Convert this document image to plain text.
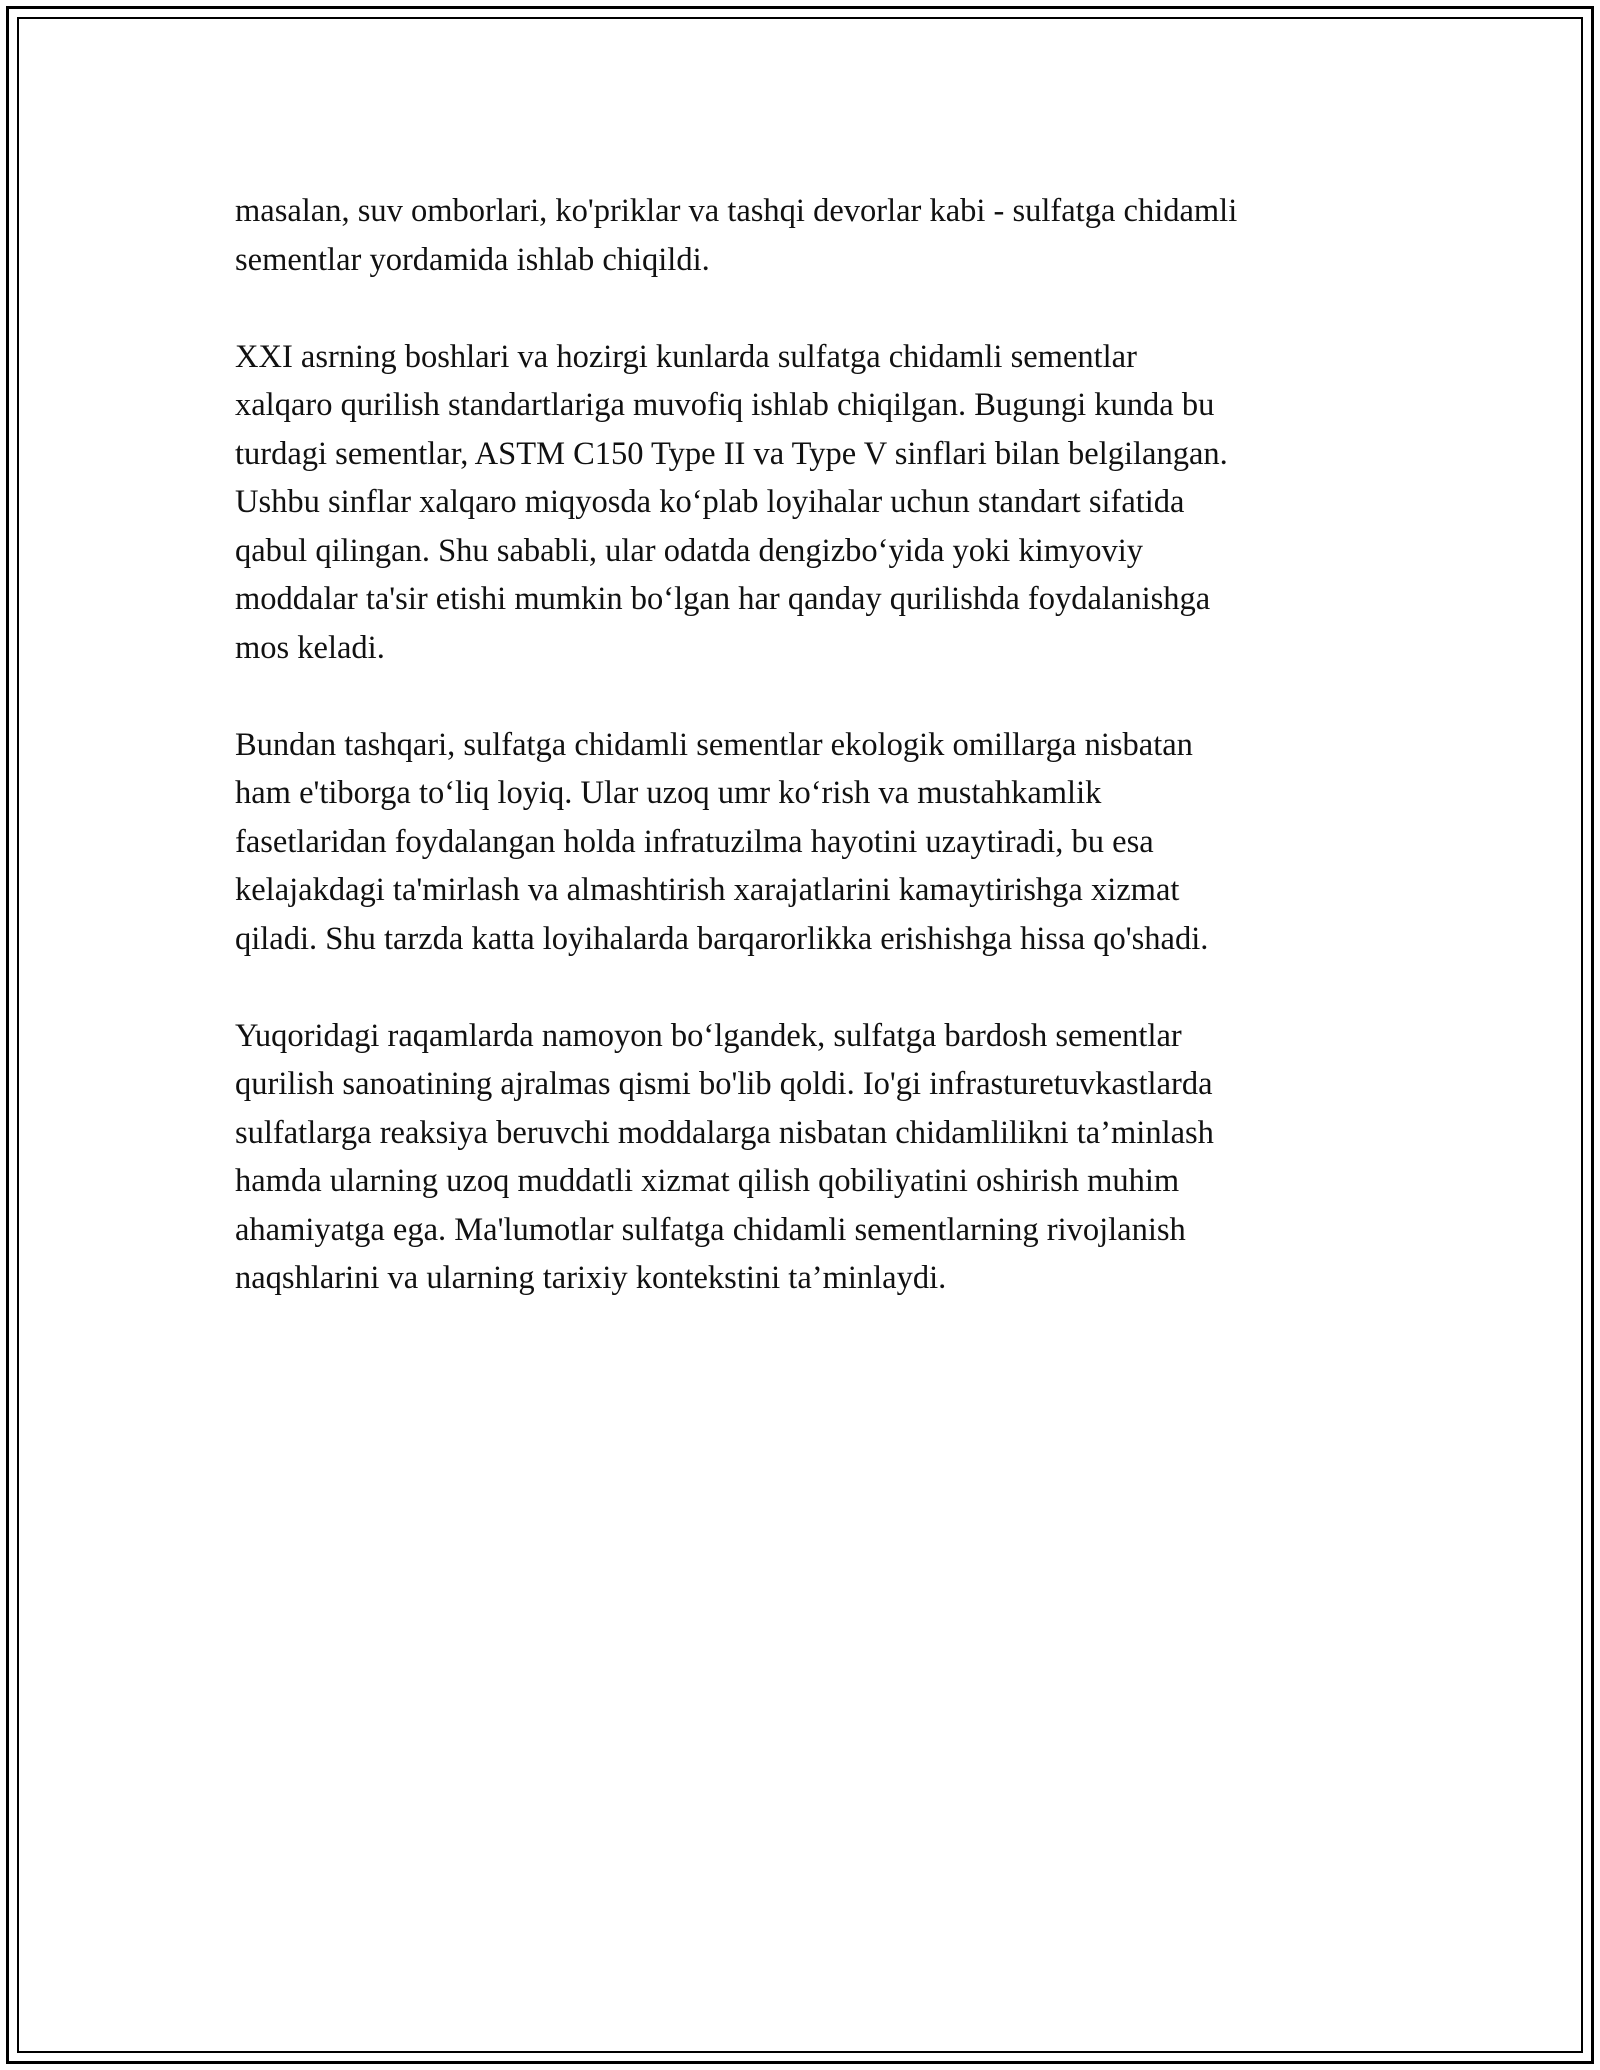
masalan, suv omborlari, ko'priklar va tashqi devorlar kabi - sulfatga chidamli
sementlar yordamida ishlab chiqildi.

XXI asrning boshlari va hozirgi kunlarda sulfatga chidamli sementlar
xalqaro qurilish standartlariga muvofiq ishlab chiqilgan. Bugungi kunda bu
turdagi sementlar, ASTM C150 Type II va Type V sinflari bilan belgilangan.
Ushbu sinflar xalqaro miqyosda ko‘plab loyihalar uchun standart sifatida
qabul qilingan. Shu sababli, ular odatda dengizbo‘yida yoki kimyoviy
moddalar ta'sir etishi mumkin bo‘lgan har qanday qurilishda foydalanishga
mos keladi.

Bundan tashqari, sulfatga chidamli sementlar ekologik omillarga nisbatan
ham e'tiborga to‘liq loyiq. Ular uzoq umr ko‘rish va mustahkamlik
fasetlaridan foydalangan holda infratuzilma hayotini uzaytiradi, bu esa
kelajakdagi ta'mirlash va almashtirish xarajatlarini kamaytirishga xizmat
qiladi. Shu tarzda katta loyihalarda barqarorlikka erishishga hissa qo'shadi.

Yuqoridagi raqamlarda namoyon bo‘lgandek, sulfatga bardosh sementlar
qurilish sanoatining ajralmas qismi bo'lib qoldi. Io'gi infrasturetuvkastlarda
sulfatlarga reaksiya beruvchi moddalarga nisbatan chidamlilikni ta’minlash
hamda ularning uzoq muddatli xizmat qilish qobiliyatini oshirish muhim
ahamiyatga ega. Ma'lumotlar sulfatga chidamli sementlarning rivojlanish
naqshlarini va ularning tarixiy kontekstini ta’minlaydi.
